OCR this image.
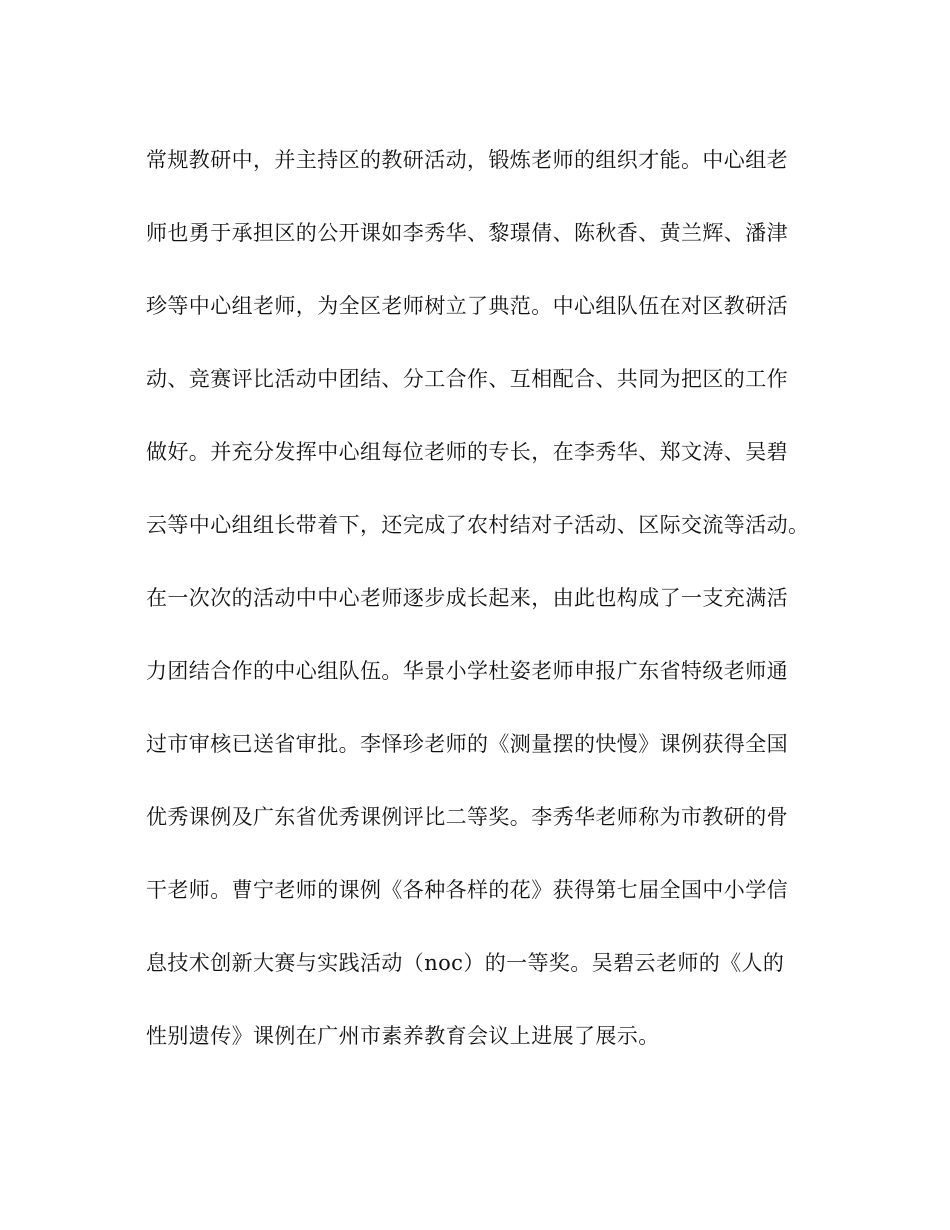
常规教研中，并主持区的教研活动，锻炼老师的组织才能。中心组老
师也勇于承担区的公开课如李秀华、黎璟倩、陈秋香、黄兰辉、潘津
珍等中心组老师，为全区老师树立了典范。中心组队伍在对区教研活
动、竞赛评比活动中团结、分工合作、互相配合、共同为把区的工作
做好。并充分发挥中心组每位老师的专长，在李秀华、郑文涛、吴碧
云等中心组组长带着下，还完成了农村结对子活动、区际交流等活动。
在一次次的活动中中心老师逐步成长起来，由此也构成了一支充满活
力团结合作的中心组队伍。华景小学杜姿老师申报广东省特级老师通
过市审核已送省审批。李怿珍老师的《测量摆的快慢》课例获得全国
优秀课例及广东省优秀课例评比二等奖。李秀华老师称为市教研的骨
干老师。曹宁老师的课例《各种各样的花》获得第七届全国中小学信
息技术创新大赛与实践活动（noc）的一等奖。吴碧云老师的《人的
性别遗传》课例在广州市素养教育会议上进展了展示。
